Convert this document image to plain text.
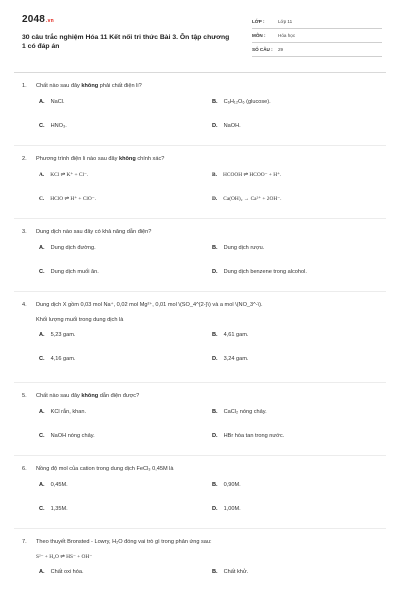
2048.vn
30 câu trắc nghiệm Hóa 11 Kết nối tri thức Bài 3. Ôn tập chương 1 có đáp án
LỚP :	Lớp 11
MÔN :	Hóa học
SỐ CÂU : 29
1. Chất nào sau đây không phải chất điện li?
A. NaCl.	B. C₆H₁₂O₆ (glucose).
C. HNO₃.	D. NaOH.
2. Phương trình điện li nào sau đây không chính xác?
A. KCl ⇌ K⁺ + Cl⁻.	B. HCOOH ⇌ HCOO⁻ + H⁺.
C. HClO ⇌ H⁺ + ClO⁻.	D. Ca(OH)₂ → Ca²⁺ + 2OH⁻.
3. Dung dịch nào sau đây có khả năng dẫn điện?
A. Dung dịch đường.	B. Dung dịch rượu.
C. Dung dịch muối ăn.	D. Dung dịch benzene trong alcohol.
4. Dung dịch X gồm 0,03 mol Na⁺, 0,02 mol Mg²⁺, 0,01 mol \(SO_4^{2-}\) và a mol \(NO_3^-\).
Khối lượng muối trong dung dịch là
A. 5,23 gam.	B. 4,61 gam.
C. 4,16 gam.	D. 3,24 gam.
5. Chất nào sau đây không dẫn điện được?
A. KCl rắn, khan.	B. CaCl₂ nóng chảy.
C. NaOH nóng chảy.	D. HBr hòa tan trong nước.
6. Nồng độ mol của cation trong dung dịch FeCl₃ 0,45M là
A. 0,45M.	B. 0,90M.
C. 1,35M.	D. 1,00M.
7. Theo thuyết Bronsted - Lowry, H₂O đóng vai trò gì trong phản ứng sau:
S²⁻ + H₂O ⇌ HS⁻ + OH⁻
A. Chất oxi hóa.	B. Chất khử.
